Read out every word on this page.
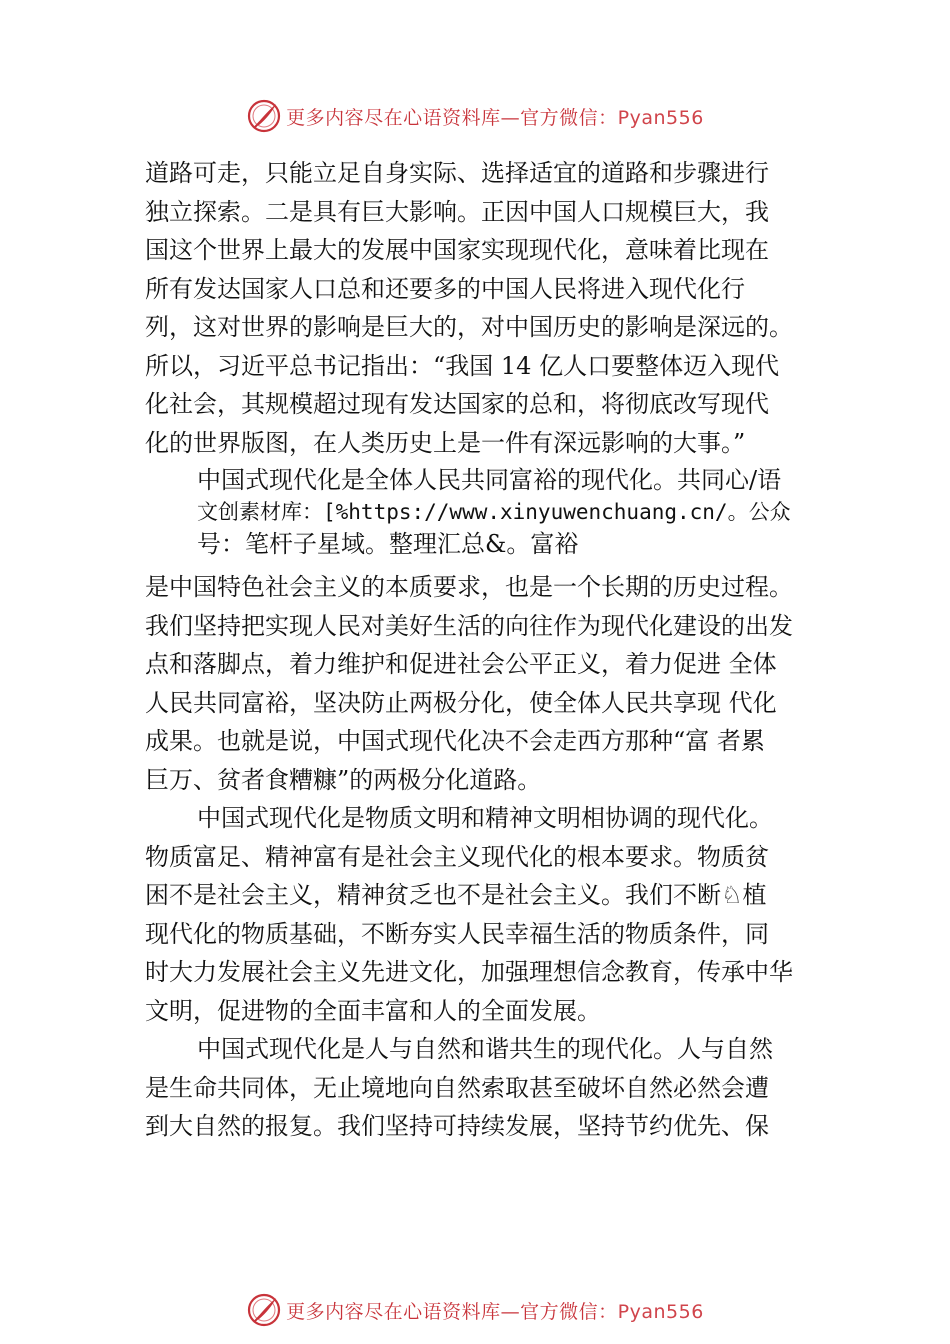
更多内容尽在心语资料库—官方微信：Pyan556
道路可走，只能立足自身实际、选择适宜的道路和步骤进行
独立探索。二是具有巨大影响。正因中国人口规模巨大，我
国这个世界上最大的发展中国家实现现代化，意味着比现在
所有发达国家人口总和还要多的中国人民将进入现代化行
列，这对世界的影响是巨大的，对中国历史的影响是深远的。
所以，习近平总书记指出：“我国 14 亿人口要整体迈入现代
化社会，其规模超过现有发达国家的总和，将彻底改写现代
化的世界版图，在人类历史上是一件有深远影响的大事。”
中国式现代化是全体人民共同富裕的现代化。共同心/语
文创素材库：[%https://www.xinyuwenchuang.cn/。公众
号：笔杆子星域。整理汇总&。富裕
是中国特色社会主义的本质要求，也是一个长期的历史过程。
我们坚持把实现人民对美好生活的向往作为现代化建设的出发
点和落脚点，着力维护和促进社会公平正义，着力促进 全体
人民共同富裕，坚决防止两极分化，使全体人民共享现 代化
成果。也就是说，中国式现代化决不会走西方那种“富 者累
巨万、贫者食糟糠”的两极分化道路。
中国式现代化是物质文明和精神文明相协调的现代化。
物质富足、精神富有是社会主义现代化的根本要求。物质贫
困不是社会主义，精神贫乏也不是社会主义。我们不断♘植
现代化的物质基础，不断夯实人民幸福生活的物质条件，同
时大力发展社会主义先进文化，加强理想信念教育，传承中华
文明，促进物的全面丰富和人的全面发展。
中国式现代化是人与自然和谐共生的现代化。人与自然
是生命共同体，无止境地向自然索取甚至破坏自然必然会遭
到大自然的报复。我们坚持可持续发展，坚持节约优先、保
更多内容尽在心语资料库—官方微信：Pyan556
